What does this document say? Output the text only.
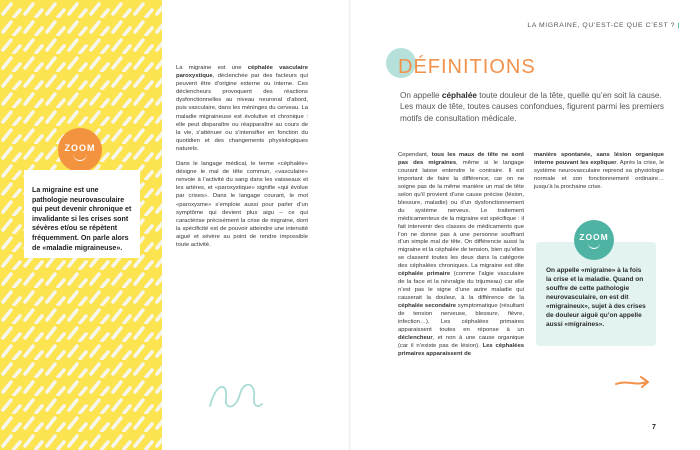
ZOOM
La migraine est une pathologie neurovasculaire qui peut devenir chronique et invalidante si les crises sont sévères et/ou se répètent fréquemment. On parle alors de «maladie migraineuse».

La migraine est une céphalée vasculaire paroxystique, déclenchée par des facteurs qui peuvent être d’origine externe ou interne. Ces déclencheurs provoquent des réactions dysfonctionnelles au niveau neuronal d’abord, puis vasculaire, dans les méninges du cerveau. La maladie migraineuse est évolutive et chronique : elle peut disparaître ou réapparaître au cours de la vie, s’atténuer ou s’intensifier en fonction du quotidien et des changements physiologiques naturels.

Dans le langage médical, le terme «céphalée» désigne le mal de tête commun, «vasculaire» renvoie à l’activité du sang dans les vaisseaux et les artères, et «paroxystique» signifie «qui évolue par crises». Dans le langage courant, le mot «paroxysme» s’emploie aussi pour parler d’un symptôme qui devient plus aigu – ce qui caractérise précisément la crise de migraine, dont la spécificité est de pouvoir atteindre une intensité aiguë et sévère au point de rendre impossible toute activité.

LA MIGRAINE, QU’EST-CE QUE C’EST ? |
DÉFINITIONS
On appelle céphalée toute douleur de la tête, quelle qu’en soit la cause. Les maux de tête, toutes causes confondues, figurent parmi les premiers motifs de consultation médicale.
Cependant, tous les maux de tête ne sont pas des migraines, même si le langage courant laisse entendre le contraire. Il est important de faire la différence, car on ne soigne pas de la même manière un mal de tête selon qu’il provient d’une cause précise (lésion, blessure, maladie) ou d’un dysfonctionnement du système nerveux. Le traitement médicamenteux de la migraine est spécifique : il fait intervenir des classes de médicaments que l’on ne donne pas à une personne souffrant d’un simple mal de tête. On différencie aussi la migraine et la céphalée de tension, bien qu’elles se classent toutes les deux dans la catégorie des céphalées chroniques. La migraine est dite céphalée primaire (comme l’algie vasculaire de la face et la névralgie du trijumeau) car elle n’est pas le signe d’une autre maladie qui causerait la douleur, à la différence de la céphalée secondaire symptomatique (résultant de tension nerveuse, blessure, fièvre, infection…). Les céphalées primaires apparaissent toutes en réponse à un déclencheur, et non à une cause organique (car il n’existe pas de lésion). Les céphalées primaires apparaissent de
manière spontanée, sans lésion organique interne pouvant les expliquer. Après la crise, le système neurovasculaire reprend sa physiologie normale et son fonctionnement ordinaire… jusqu’à la prochaine crise.
On appelle «migraine» à la fois la crise et la maladie. Quand on souffre de cette pathologie neurovasculaire, on est dit «migraineux», sujet à des crises de douleur aiguë qu’on appelle aussi «migraines».
ZOOM
7
